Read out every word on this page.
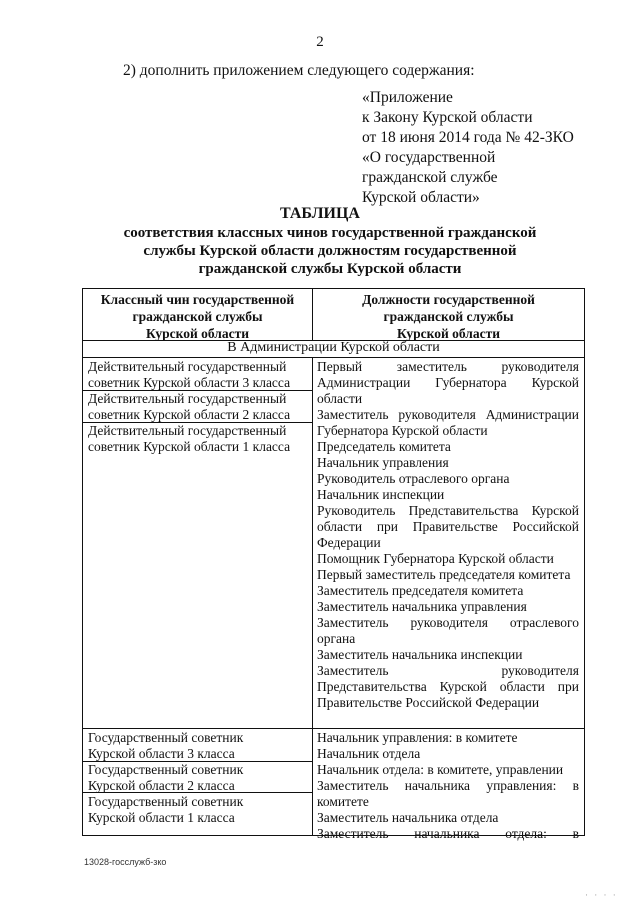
2
2) дополнить приложением следующего содержания:
«Приложение
к Закону Курской области
от 18 июня 2014 года № 42-ЗКО
«О государственной
гражданской службе
Курской области»
ТАБЛИЦА
соответствия классных чинов государственной гражданской
службы Курской области должностям государственной
гражданской службы Курской области
Классный чин государственной
гражданской службы
Курской области
Должности государственной
гражданской службы
Курской области
В Администрации Курской области
Действительный государственный
советник Курской области 3 класса
Действительный государственный
советник Курской области 2 класса
Действительный государственный
советник Курской области 1 класса
Первый заместитель руководителя Администрации Губернатора Курской области
Заместитель руководителя Администрации Губернатора Курской области
Председатель комитета
Начальник управления
Руководитель отраслевого органа
Начальник инспекции
Руководитель Представительства Курской области при Правительстве Российской Федерации
Помощник Губернатора Курской области
Первый заместитель председателя комитета
Заместитель председателя комитета
Заместитель начальника управления
Заместитель руководителя отраслевого органа
Заместитель начальника инспекции
Заместитель руководителя Представительства Курской области при Правительстве Российской Федерации
Государственный советник
Курской области 3 класса
Государственный советник
Курской области 2 класса
Государственный советник
Курской области 1 класса
Начальник управления: в комитете
Начальник отдела
Начальник отдела: в комитете, управлении
Заместитель начальника управления: в комитете
Заместитель начальника отдела
Заместитель начальника отдела: в
13028-госслужб-зко
· · · ·
